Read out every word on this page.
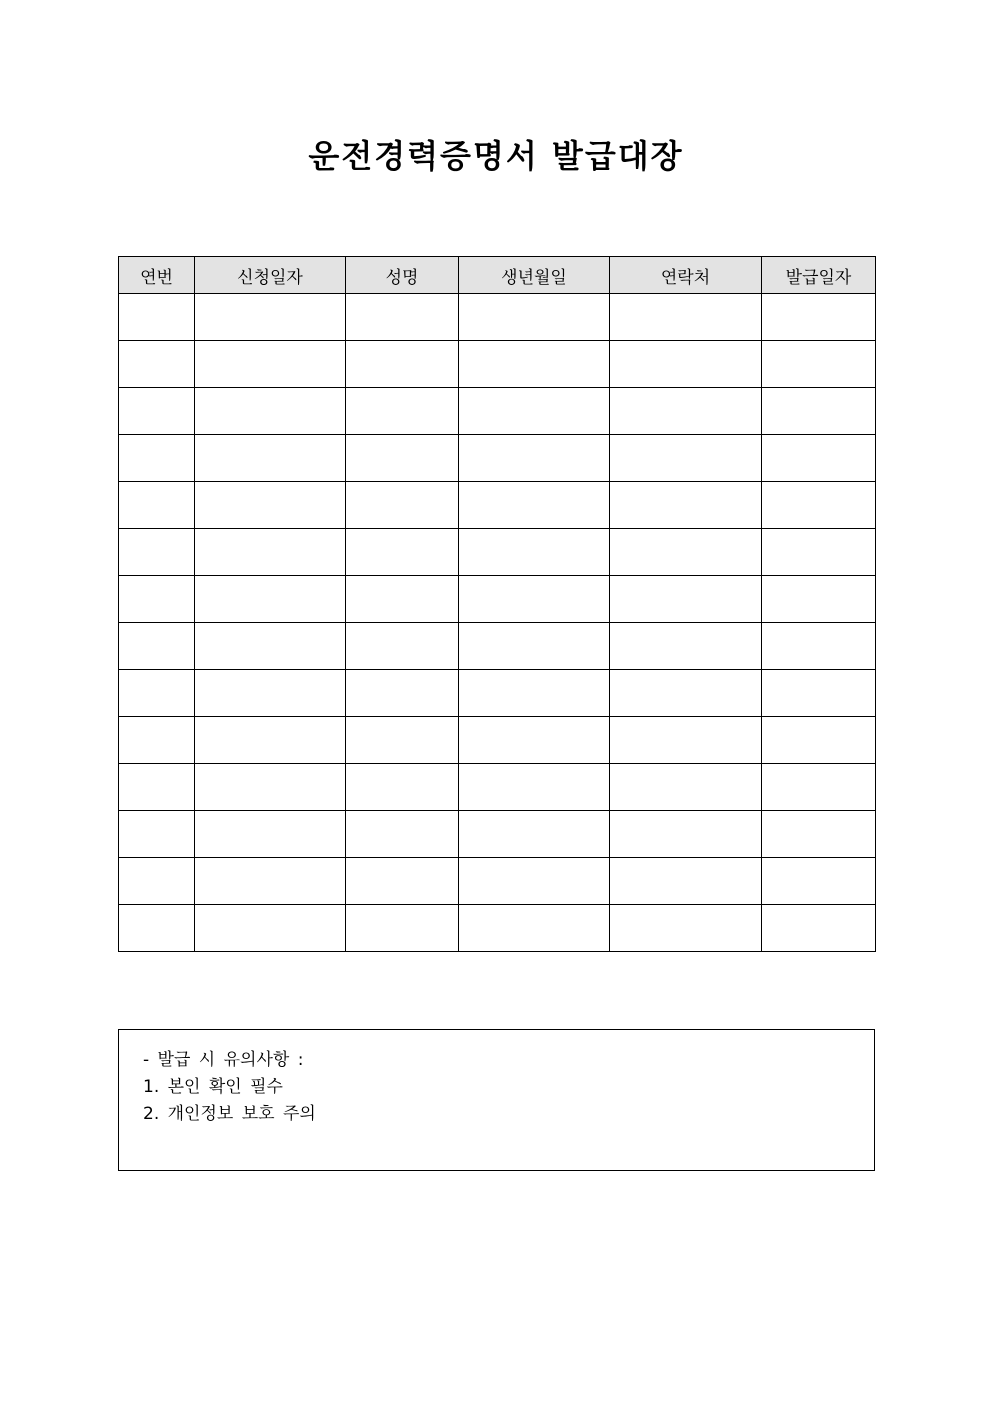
운전경력증명서 발급대장
연번	신청일자	성명	생년월일	연락처	발급일자

- 발급 시 유의사항 :
1. 본인 확인 필수
2. 개인정보 보호 주의
